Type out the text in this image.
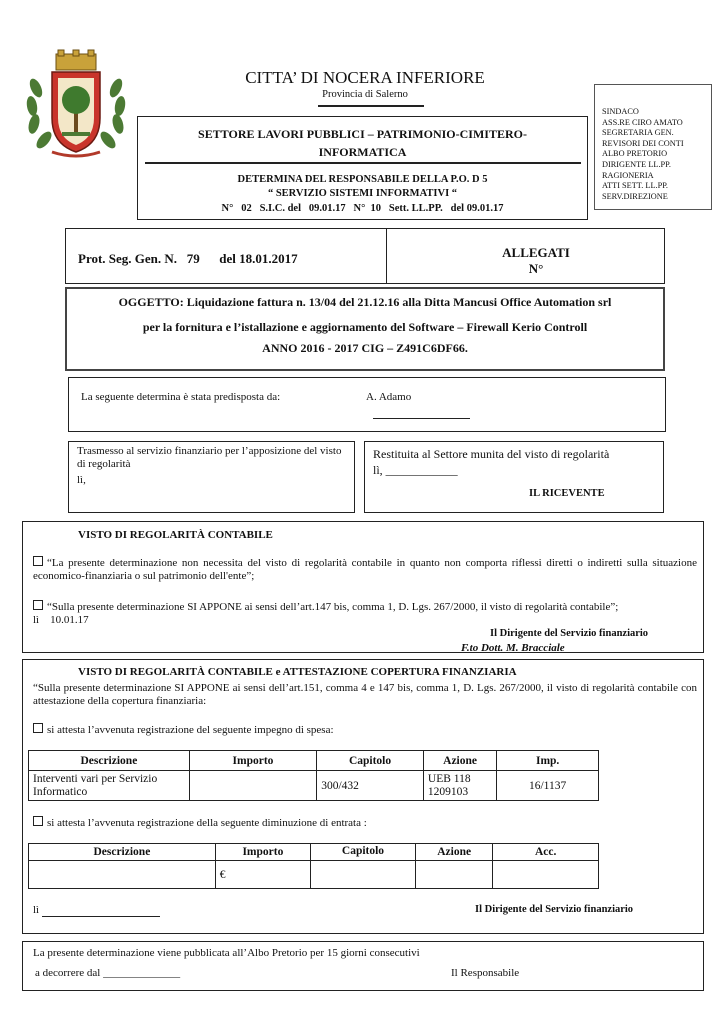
CITTA’ DI NOCERA INFERIORE
Provincia di Salerno
SINDACO
ASS.RE CIRO AMATO
SEGRETARIA GEN.
REVISORI DEI CONTI
ALBO PRETORIO
DIRIGENTE LL.PP.
RAGIONERIA
ATTI SETT. LL.PP.
SERV.DIREZIONE
SETTORE LAVORI PUBBLICI – PATRIMONIO-CIMITERO-
INFORMATICA
DETERMINA DEL RESPONSABILE DELLA P.O. D 5
“ SERVIZIO SISTEMI INFORMATIVI “
N°   02   S.I.C. del   09.01.17   N°  10   Sett. LL.PP.   del 09.01.17
Prot. Seg. Gen. N.   79      del 18.01.2017	ALLEGATI
N°
OGGETTO: Liquidazione fattura n. 13/04 del 21.12.16 alla Ditta Mancusi Office Automation srl
per la fornitura e l’istallazione e aggiornamento del Software – Firewall Kerio Controll
ANNO 2016 - 2017 CIG – Z491C6DF66.
La seguente determina è stata predisposta da:	A. Adamo
Trasmesso al servizio finanziario per l’apposizione del visto di regolarità
lì,
Restituita al Settore munita del visto di regolarità
lì, ____________
IL RICEVENTE
VISTO DI REGOLARITÀ CONTABILE
“La presente determinazione non necessita del visto di regolarità contabile in quanto non comporta riflessi diretti o indiretti sulla situazione economico-finanziaria o sul patrimonio dell'ente”;
“Sulla presente determinazione SI APPONE ai sensi dell’art.147 bis, comma 1, D. Lgs. 267/2000, il visto di regolarità contabile”;
lì    10.01.17
Il Dirigente del Servizio finanziario
F.to Dott. M. Bracciale
VISTO DI REGOLARITÀ CONTABILE e ATTESTAZIONE COPERTURA FINANZIARIA
“Sulla presente determinazione SI APPONE ai sensi dell’art.151, comma 4 e 147 bis, comma 1, D. Lgs. 267/2000, il visto di regolarità contabile con attestazione della copertura finanziaria:
si attesta l’avvenuta registrazione del seguente impegno di spesa:
si attesta l’avvenuta registrazione della seguente diminuzione di entrata :
lì	Il Dirigente del Servizio finanziario
Descrizione	Importo	Capitolo	Azione	Imp.
Interventi vari per Servizio Informatico		300/432	UEB 118 1209103	16/1137
Descrizione	Importo	Capitolo	Azione	Acc.
	€			
La presente determinazione viene pubblicata all’Albo Pretorio per 15 giorni consecutivi
a decorrere dal ______________	Il Responsabile
